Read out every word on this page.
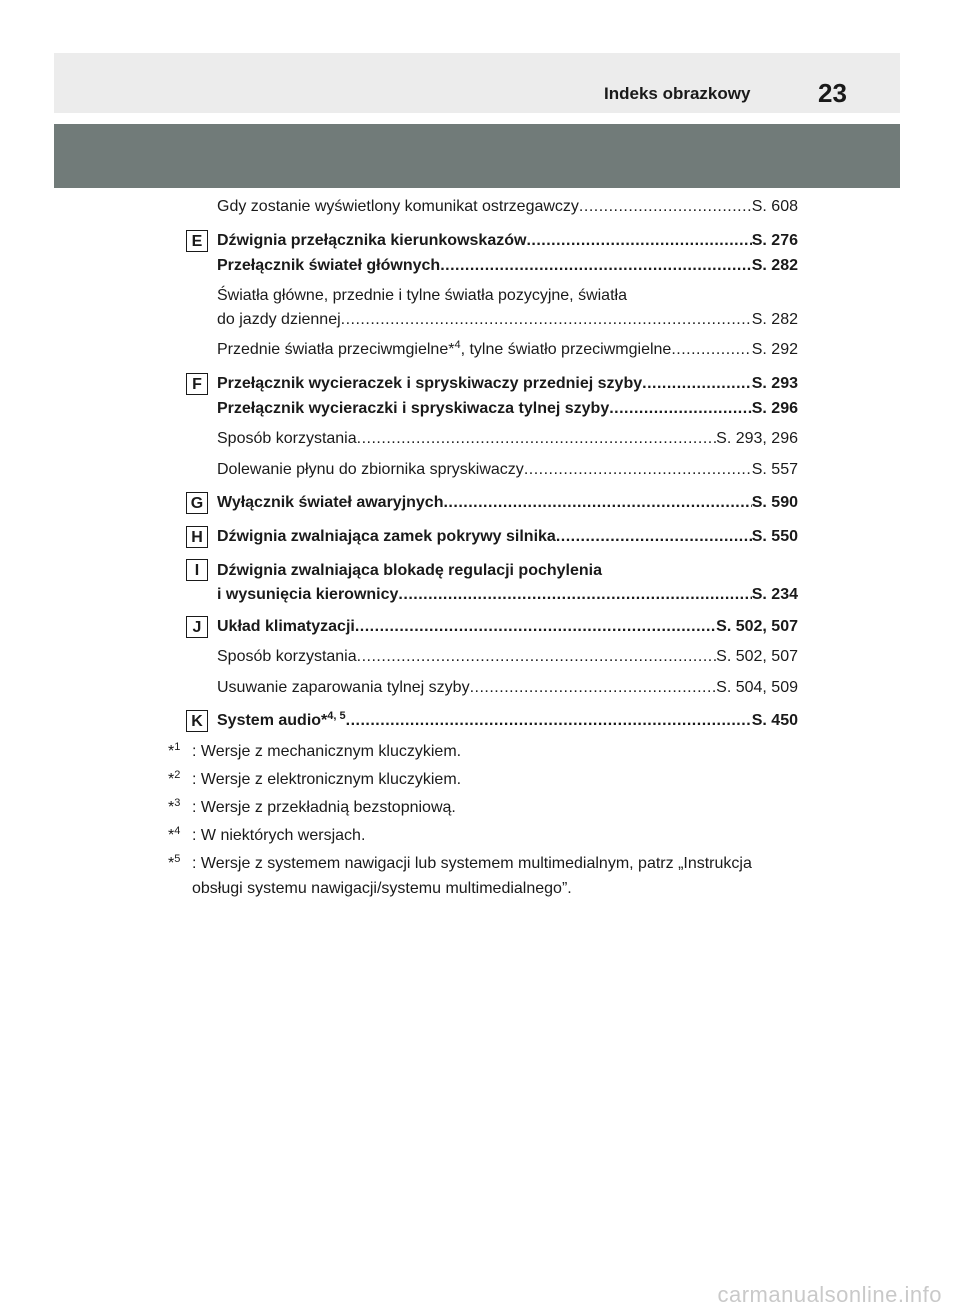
Indeks obrazkowy	23
Gdy zostanie wyświetlony komunikat ostrzegawczy .....	S. 608
E Dźwignia przełącznika kierunkowskazów .....	S. 276
Przełącznik świateł głównych .....	S. 282
Światła główne, przednie i tylne światła pozycyjne, światła
do jazdy dziennej .....	S. 282
Przednie światła przeciwmgielne*$^4$, tylne światło przeciwmgielne .....	S. 292
F Przełącznik wycieraczek i spryskiwaczy przedniej szyby .....	S. 293
Przełącznik wycieraczki i spryskiwacza tylnej szyby .....	S. 296
Sposób korzystania .....	S. 293, 296
Dolewanie płynu do zbiornika spryskiwaczy .....	S. 557
G Wyłącznik świateł awaryjnych .....	S. 590
H Dźwignia zwalniająca zamek pokrywy silnika .....	S. 550
I	Dźwignia zwalniająca blokadę regulacji pochylenia
i wysunięcia kierownicy .....	S. 234
J Układ klimatyzacji .....	S. 502, 507
Sposób korzystania .....	S. 502, 507
Usuwanie zaparowania tylnej szyby .....	S. 504, 509
K System audio*$^{4, 5}$ .....	S. 450
*$^1$ : Wersje z mechanicznym kluczykiem.
*$^2$ : Wersje z elektronicznym kluczykiem.
*$^3$ : Wersje z przekładnią bezstopniową.
*$^4$ : W niektórych wersjach.
*$^5$ : Wersje z systemem nawigacji lub systemem multimedialnym, patrz „Instrukcja
obsługi systemu nawigacji/systemu multimedialnego”.
carmanualsonline.info
